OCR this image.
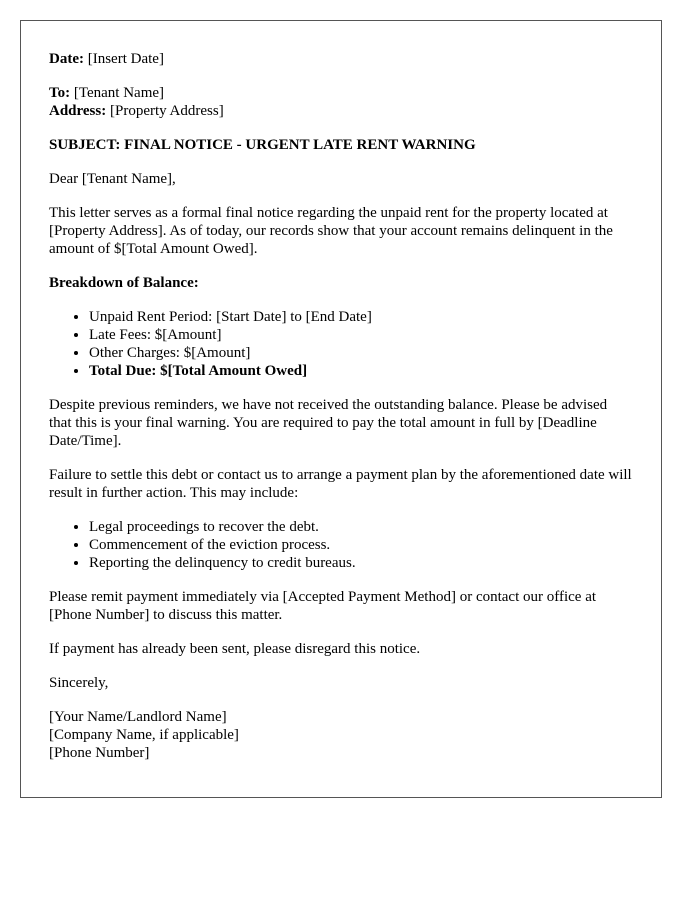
Date: [Insert Date]

To: [Tenant Name]

Address: [Property Address]

SUBJECT: FINAL NOTICE - URGENT LATE RENT WARNING

Dear [Tenant Name],

This letter serves as a formal final notice regarding the unpaid rent for the property located at [Property Address]. As of today, our records show that your account remains delinquent in the amount of $[Total Amount Owed].

Breakdown of Balance:

• Unpaid Rent Period: [Start Date] to [End Date]
• Late Fees: $[Amount]
• Other Charges: $[Amount]
• Total Due: $[Total Amount Owed]

Despite previous reminders, we have not received the outstanding balance. Please be advised that this is your final warning. You are required to pay the total amount in full by [Deadline Date/Time].

Failure to settle this debt or contact us to arrange a payment plan by the aforementioned date will result in further action. This may include:

• Legal proceedings to recover the debt.
• Commencement of the eviction process.
• Reporting the delinquency to credit bureaus.

Please remit payment immediately via [Accepted Payment Method] or contact our office at [Phone Number] to discuss this matter.

If payment has already been sent, please disregard this notice.

Sincerely,

[Your Name/Landlord Name]

[Company Name, if applicable]

[Phone Number]
